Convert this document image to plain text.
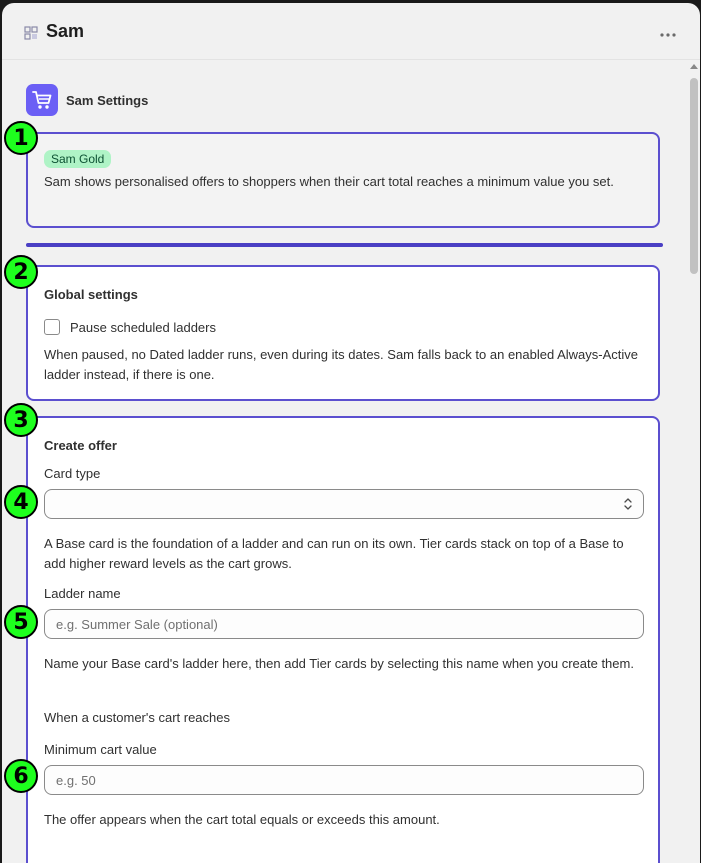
Sam
Sam Settings
Sam Gold
Sam shows personalised offers to shoppers when their cart total reaches a minimum value you set.
Global settings
Pause scheduled ladders
When paused, no Dated ladder runs, even during its dates. Sam falls back to an enabled Always-Active ladder instead, if there is one.
Create offer
Card type
A Base card is the foundation of a ladder and can run on its own. Tier cards stack on top of a Base to add higher reward levels as the cart grows.
Ladder name
e.g. Summer Sale (optional)
Name your Base card's ladder here, then add Tier cards by selecting this name when you create them.
When a customer's cart reaches
Minimum cart value
e.g. 50
The offer appears when the cart total equals or exceeds this amount.
1
2
3
4
5
6
